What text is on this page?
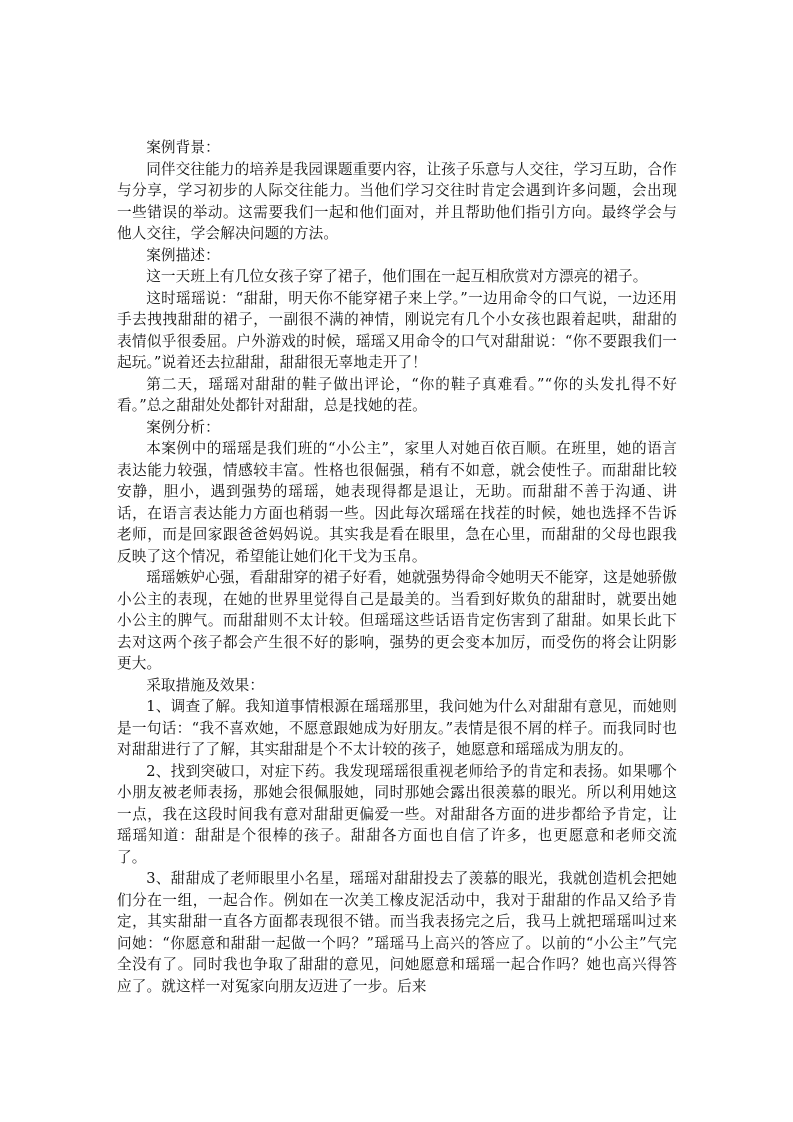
案例背景：

同伴交往能力的培养是我园课题重要内容，让孩子乐意与人交往，学习互助，合作与分享，学习初步的人际交往能力。当他们学习交往时肯定会遇到许多问题，会出现一些错误的举动。这需要我们一起和他们面对，并且帮助他们指引方向。最终学会与他人交往，学会解决问题的方法。

案例描述：

这一天班上有几位女孩子穿了裙子，他们围在一起互相欣赏对方漂亮的裙子。

这时瑶瑶说：“甜甜，明天你不能穿裙子来上学。”一边用命令的口气说，一边还用手去拽拽甜甜的裙子，一副很不满的神情，刚说完有几个小女孩也跟着起哄，甜甜的表情似乎很委屈。户外游戏的时候，瑶瑶又用命令的口气对甜甜说：“你不要跟我们一起玩。”说着还去拉甜甜，甜甜很无辜地走开了！

第二天，瑶瑶对甜甜的鞋子做出评论，“你的鞋子真难看。”“你的头发扎得不好看。”总之甜甜处处都针对甜甜，总是找她的茬。

案例分析：

本案例中的瑶瑶是我们班的“小公主”，家里人对她百依百顺。在班里，她的语言表达能力较强，情感较丰富。性格也很倔强，稍有不如意，就会使性子。而甜甜比较安静，胆小，遇到强势的瑶瑶，她表现得都是退让，无助。而甜甜不善于沟通、讲话，在语言表达能力方面也稍弱一些。因此每次瑶瑶在找茬的时候，她也选择不告诉老师，而是回家跟爸爸妈妈说。其实我是看在眼里，急在心里，而甜甜的父母也跟我反映了这个情况，希望能让她们化干戈为玉帛。

瑶瑶嫉妒心强，看甜甜穿的裙子好看，她就强势得命令她明天不能穿，这是她骄傲小公主的表现，在她的世界里觉得自己是最美的。当看到好欺负的甜甜时，就要出她小公主的脾气。而甜甜则不太计较。但瑶瑶这些话语肯定伤害到了甜甜。如果长此下去对这两个孩子都会产生很不好的影响，强势的更会变本加厉，而受伤的将会让阴影更大。

采取措施及效果：

1、调查了解。我知道事情根源在瑶瑶那里，我问她为什么对甜甜有意见，而她则是一句话：“我不喜欢她，不愿意跟她成为好朋友。”表情是很不屑的样子。而我同时也对甜甜进行了了解，其实甜甜是个不太计较的孩子，她愿意和瑶瑶成为朋友的。

2、找到突破口，对症下药。我发现瑶瑶很重视老师给予的肯定和表扬。如果哪个小朋友被老师表扬，那她会很佩服她，同时那她会露出很羡慕的眼光。所以利用她这一点，我在这段时间我有意对甜甜更偏爱一些。对甜甜各方面的进步都给予肯定，让瑶瑶知道：甜甜是个很棒的孩子。甜甜各方面也自信了许多，也更愿意和老师交流了。

3、甜甜成了老师眼里小名星，瑶瑶对甜甜投去了羡慕的眼光，我就创造机会把她们分在一组，一起合作。例如在一次美工橡皮泥活动中，我对于甜甜的作品又给予肯定，其实甜甜一直各方面都表现很不错。而当我表扬完之后，我马上就把瑶瑶叫过来问她：“你愿意和甜甜一起做一个吗？”瑶瑶马上高兴的答应了。以前的“小公主”气完全没有了。同时我也争取了甜甜的意见，问她愿意和瑶瑶一起合作吗？她也高兴得答应了。就这样一对冤家向朋友迈进了一步。后来
